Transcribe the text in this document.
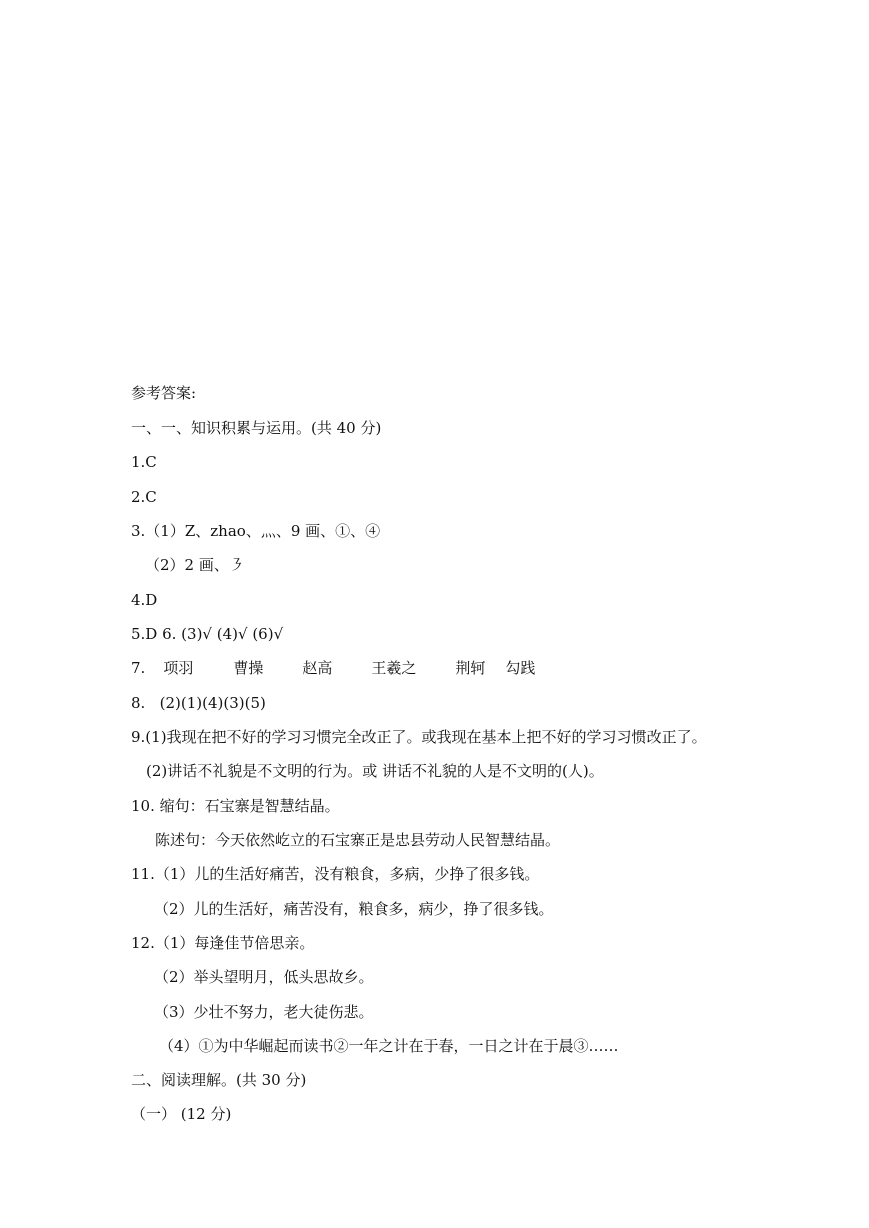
参考答案:
一、一、知识积累与运用。(共 40 分)
1.C
2.C
3.（1）Z、zhao、灬、9 画、①、④
（2）2 画、㇋
4.D
5.D 6. (3)√ (4)√ (6)√
7. 项羽	曹操	赵高	王羲之	荆轲 勾践
8.   (2)(1)(4)(3)(5)
9.(1)我现在把不好的学习习惯完全改正了。或我现在基本上把不好的学习习惯改正了。
(2)讲话不礼貌是不文明的行为。或 讲话不礼貌的人是不文明的(人)。
10. 缩句：石宝寨是智慧结晶。
陈述句：今天依然屹立的石宝寨正是忠县劳动人民智慧结晶。
11.（1）儿的生活好痛苦，没有粮食，多病，少挣了很多钱。
（2）儿的生活好，痛苦没有，粮食多，病少，挣了很多钱。
12.（1）每逢佳节倍思亲。
（2）举头望明月，低头思故乡。
（3）少壮不努力，老大徒伤悲。
（4）①为中华崛起而读书②一年之计在于春，一日之计在于晨③……
二、阅读理解。(共 30 分)
（一） (12 分)
